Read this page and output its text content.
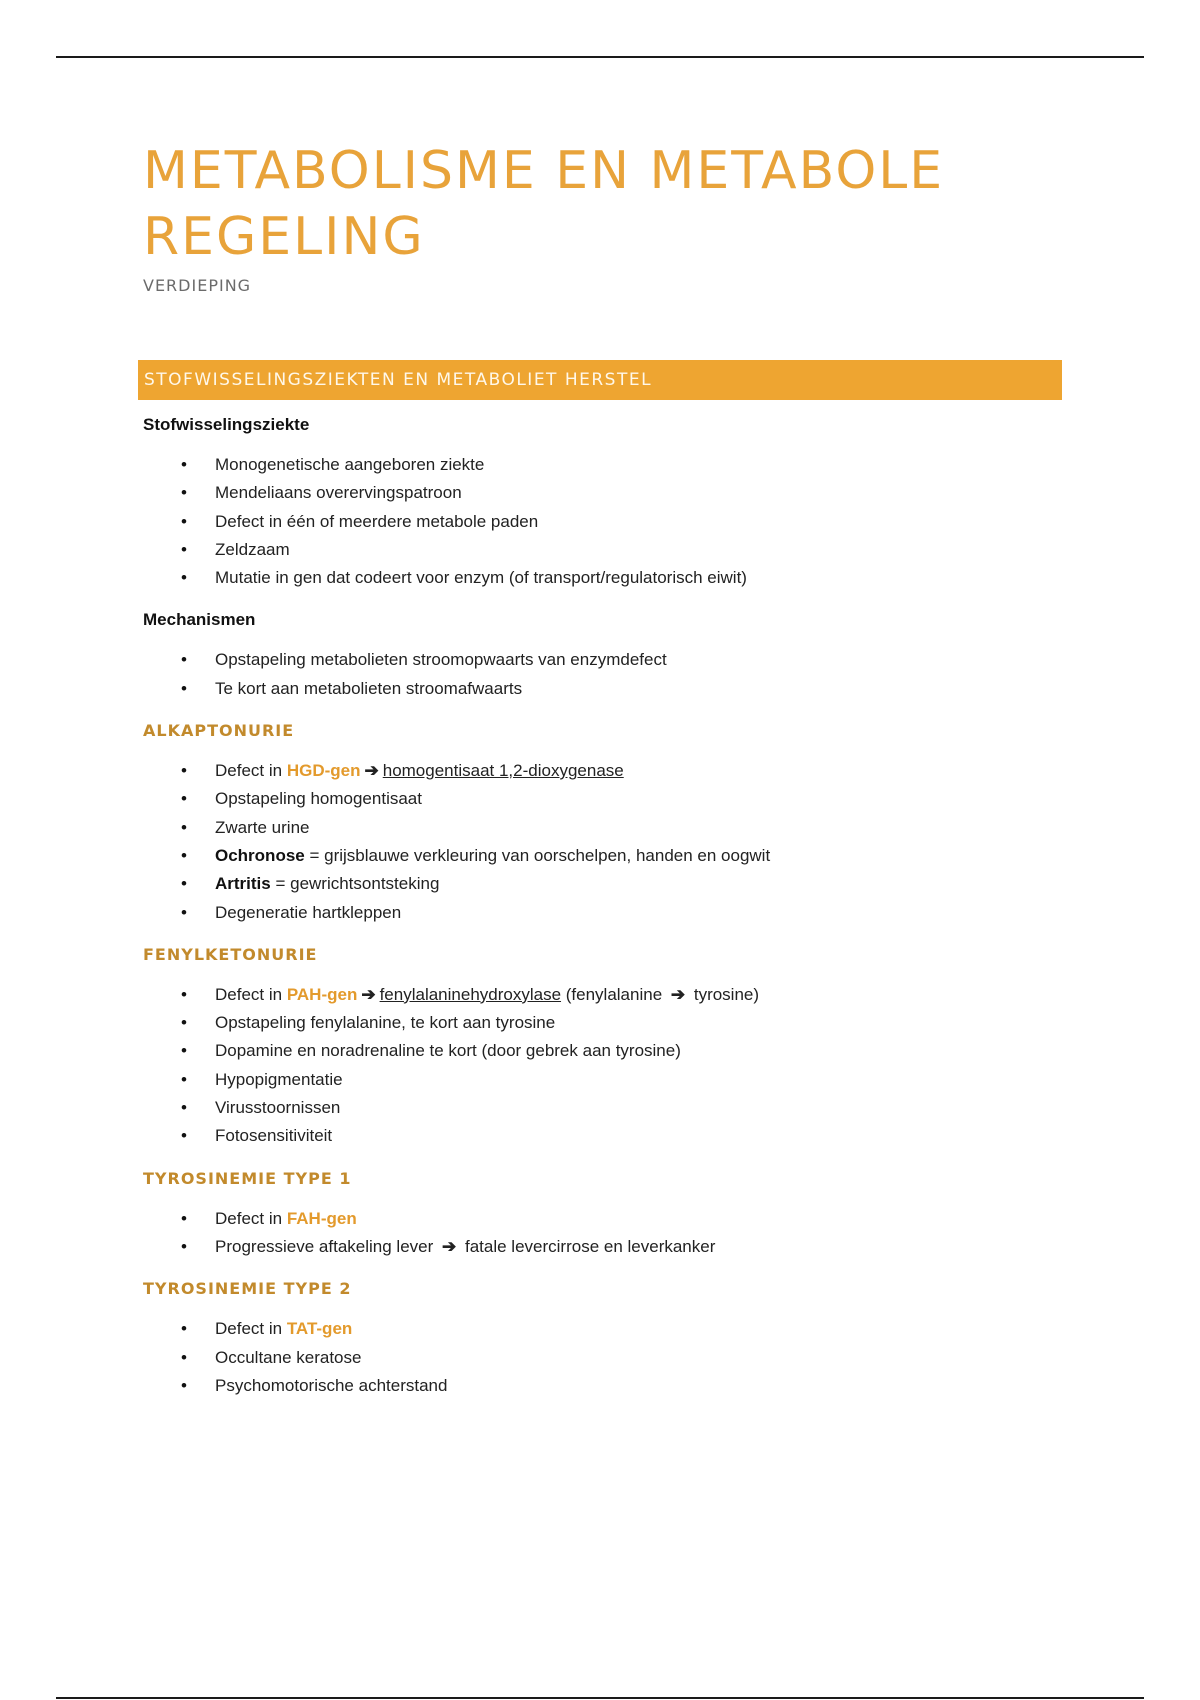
METABOLISME EN METABOLE
REGELING
VERDIEPING
STOFWISSELINGSZIEKTEN EN METABOLIET HERSTEL
Stofwisselingsziekte
• Monogenetische aangeboren ziekte
• Mendeliaans overervingspatroon
• Defect in één of meerdere metabole paden
• Zeldzaam
• Mutatie in gen dat codeert voor enzym (of transport/regulatorisch eiwit)
Mechanismen
• Opstapeling metabolieten stroomopwaarts van enzymdefect
• Te kort aan metabolieten stroomafwaarts
ALKAPTONURIE
• Defect in HGD-gen ➔ homogentisaat 1,2-dioxygenase
• Opstapeling homogentisaat
• Zwarte urine
• Ochronose = grijsblauwe verkleuring van oorschelpen, handen en oogwit
• Artritis = gewrichtsontsteking
• Degeneratie hartkleppen
FENYLKETONURIE
• Defect in PAH-gen ➔ fenylalaninehydroxylase (fenylalanine ➔ tyrosine)
• Opstapeling fenylalanine, te kort aan tyrosine
• Dopamine en noradrenaline te kort (door gebrek aan tyrosine)
• Hypopigmentatie
• Virusstoornissen
• Fotosensitiviteit
TYROSINEMIE TYPE 1
• Defect in FAH-gen
• Progressieve aftakeling lever ➔ fatale levercirrose en leverkanker
TYROSINEMIE TYPE 2
• Defect in TAT-gen
• Occultane keratose
• Psychomotorische achterstand
